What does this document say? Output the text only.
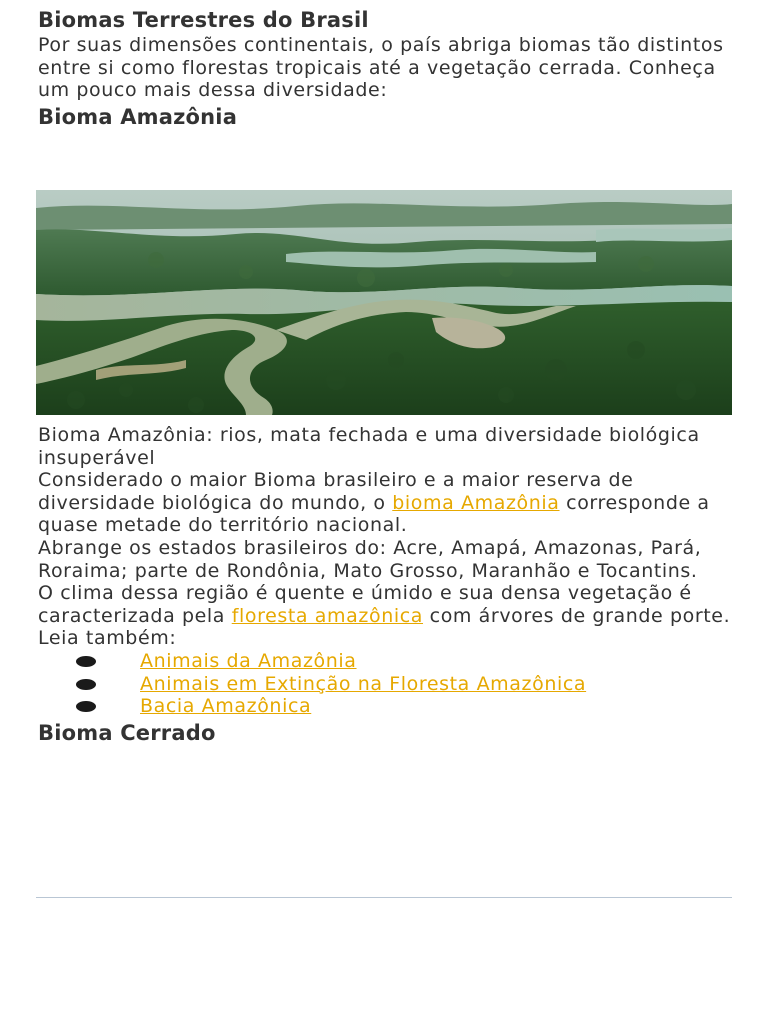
Biomas Terrestres do Brasil

Por suas dimensões continentais, o país abriga biomas tão distintos entre si como florestas tropicais até a vegetação cerrada. Conheça um pouco mais dessa diversidade:

Bioma Amazônia

Bioma Amazônia: rios, mata fechada e uma diversidade biológica insuperável

Considerado o maior Bioma brasileiro e a maior reserva de diversidade biológica do mundo, o bioma Amazônia corresponde a quase metade do território nacional.

Abrange os estados brasileiros do: Acre, Amapá, Amazonas, Pará, Roraima; parte de Rondônia, Mato Grosso, Maranhão e Tocantins.

O clima dessa região é quente e úmido e sua densa vegetação é caracterizada pela floresta amazônica com árvores de grande porte.

Leia também:

Animais da Amazônia
Animais em Extinção na Floresta Amazônica
Bacia Amazônica
Bioma Cerrado
